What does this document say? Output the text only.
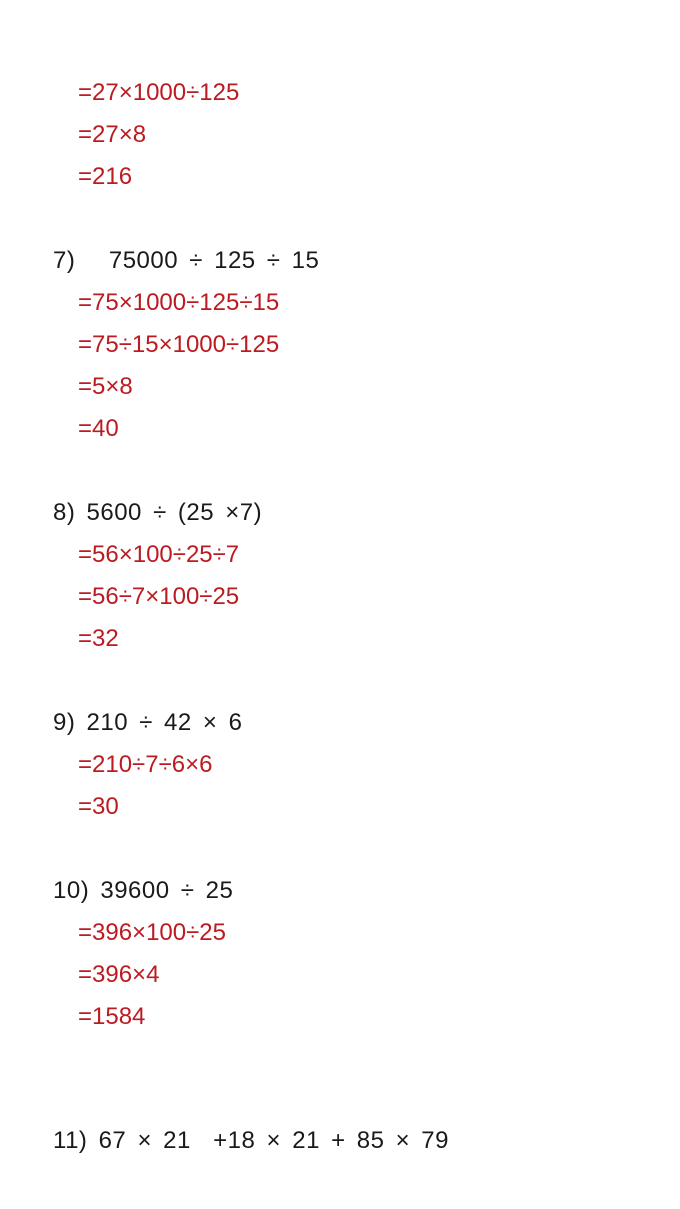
=27×1000÷125
=27×8
=216
7)   75000 ÷ 125 ÷ 15
=75×1000÷125÷15
=75÷15×1000÷125
=5×8
=40
8) 5600 ÷ (25 ×7)
=56×100÷25÷7
=56÷7×100÷25
=32
9) 210 ÷ 42 × 6
=210÷7÷6×6
=30
10) 39600 ÷ 25
=396×100÷25
=396×4
=1584
11) 67 × 21  +18 × 21 + 85 × 79
